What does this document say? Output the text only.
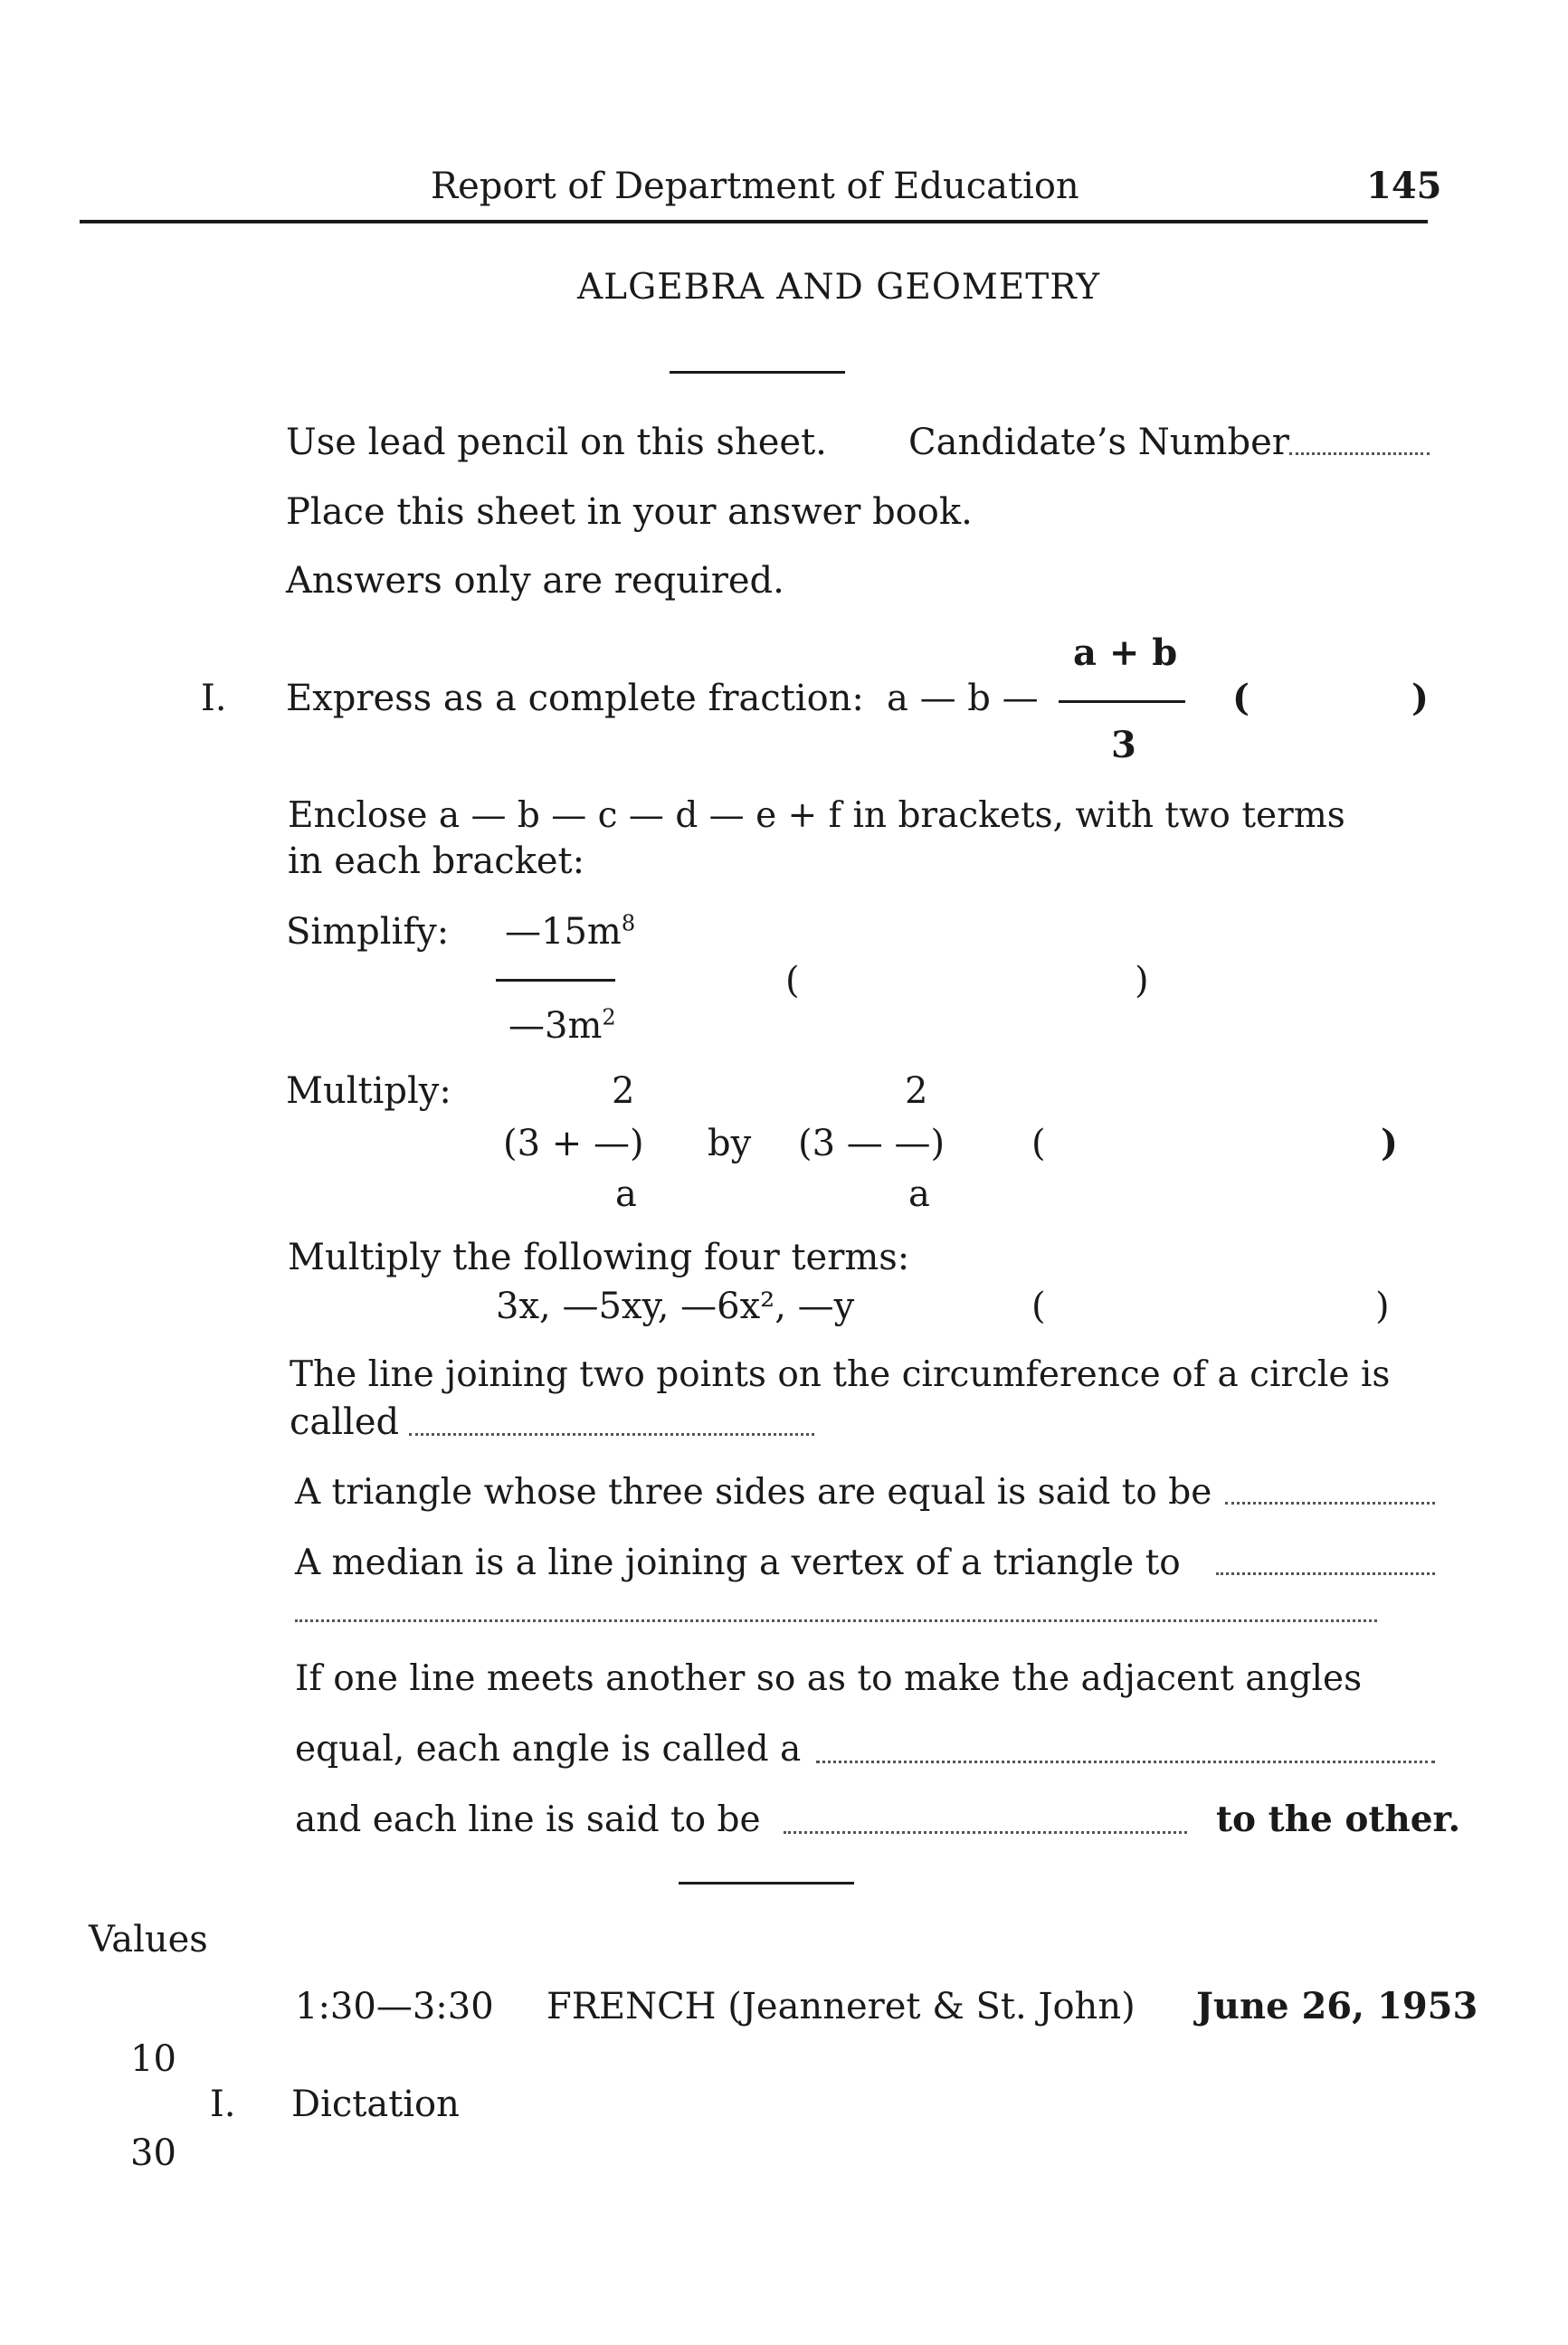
Report of Department of Education	145
ALGEBRA AND GEOMETRY
Use lead pencil on this sheet. Candidate’s Number
Place this sheet in your answer book.
Answers only are required.
I. Express as a complete fraction: a — b —
a + b
3
(	)
Enclose a — b — c — d — e + f in brackets, with two terms
in each bracket:
Simplify: $—15m^8$
$—3m^2$
(	)
Multiply:	2
(3 + —)
a
by
2
(3 — —)
a
(	)
Multiply the following four terms:
3x, —5xy, —6x², —y	(	)
The line joining two points on the circumference of a circle is
called
A triangle whose three sides are equal is said to be
A median is a line joining a vertex of a triangle to
If one line meets another so as to make the adjacent angles
equal, each angle is called a
and each line is said to be	to the other.
Values
1:30—3:30 FRENCH (Jeanneret & St. John) June 26, 1953
10
I. Dictation
30
